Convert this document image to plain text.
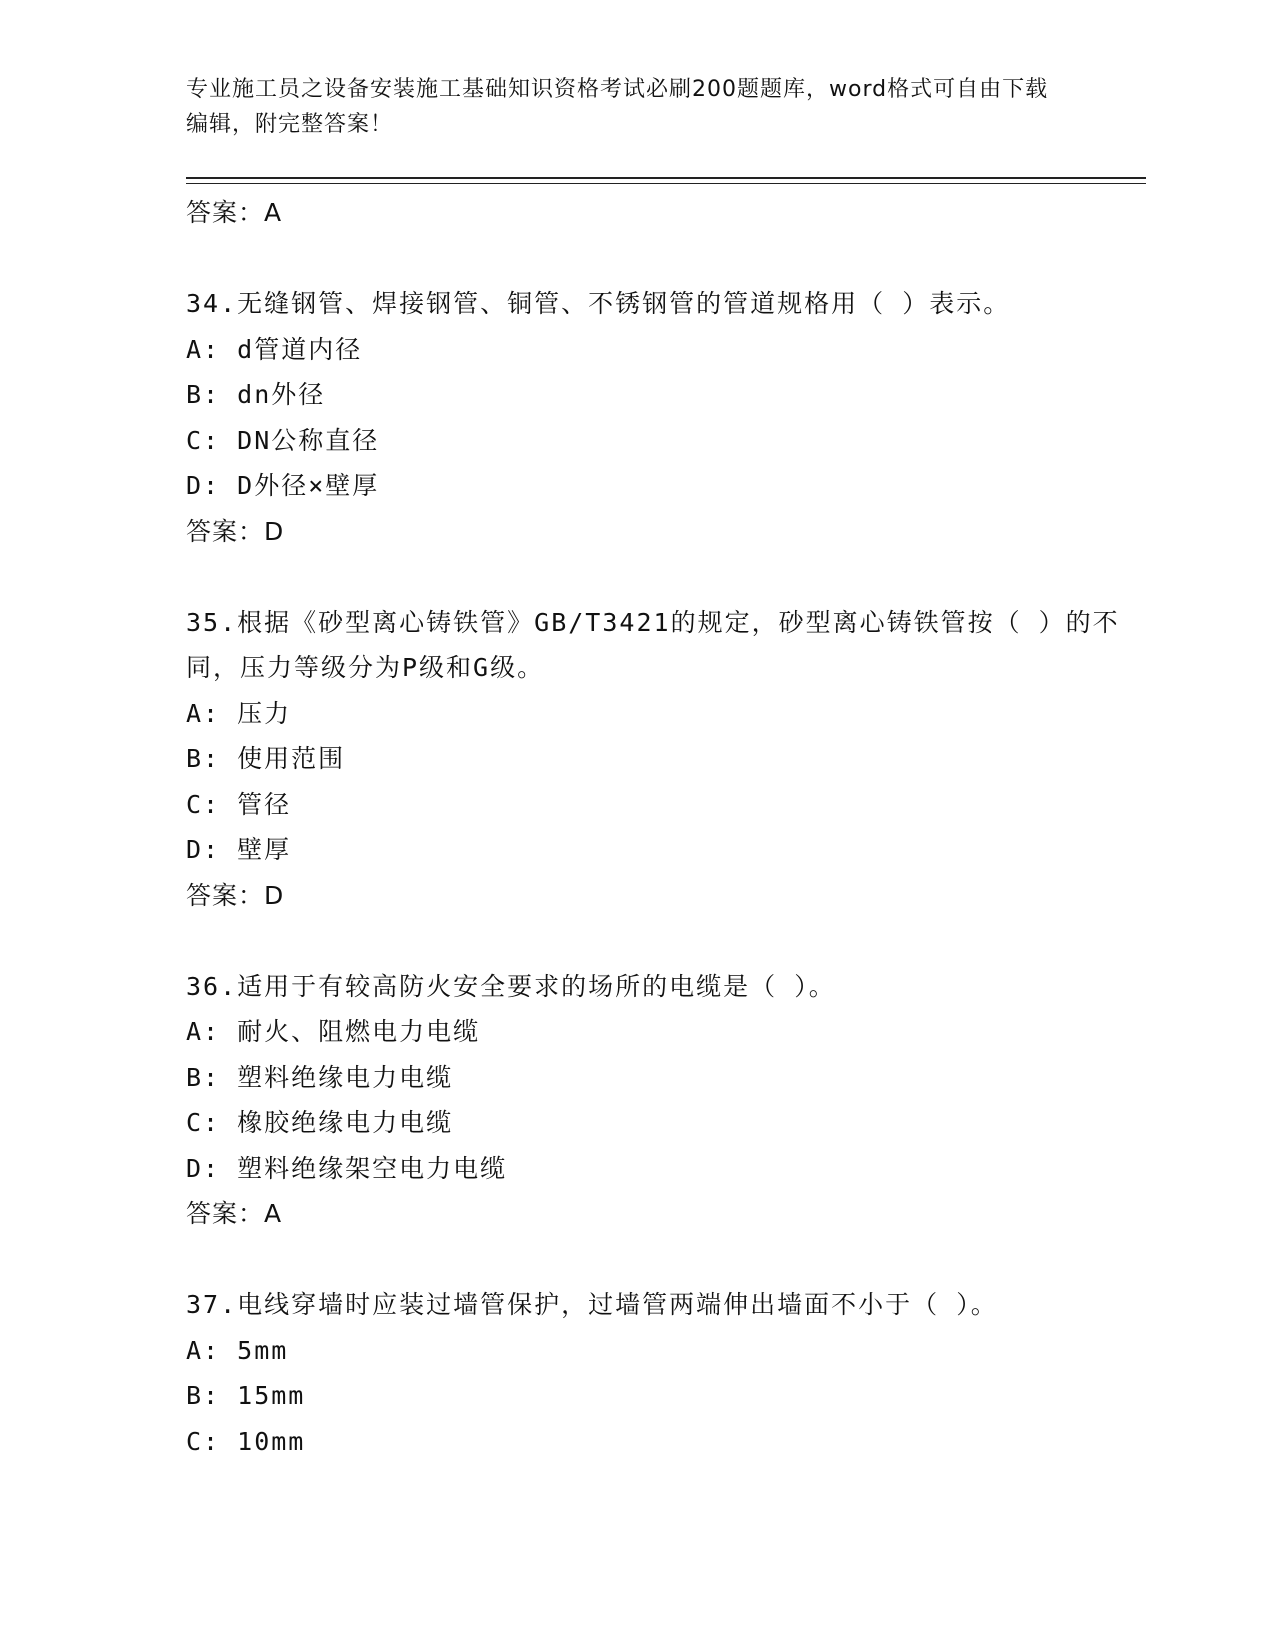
专业施工员之设备安装施工基础知识资格考试必刷200题题库，word格式可自由下载编辑，附完整答案！
答案：A
34.无缝钢管、焊接钢管、铜管、不锈钢管的管道规格用（ ）表示。
A: d管道内径
B: dn外径
C: DN公称直径
D: D外径×壁厚
答案：D
35.根据《砂型离心铸铁管》GB/T3421的规定，砂型离心铸铁管按（ ）的不同，压力等级分为P级和G级。
A: 压力
B: 使用范围
C: 管径
D: 壁厚
答案：D
36.适用于有较高防火安全要求的场所的电缆是（ ）。
A: 耐火、阻燃电力电缆
B: 塑料绝缘电力电缆
C: 橡胶绝缘电力电缆
D: 塑料绝缘架空电力电缆
答案：A
37.电线穿墙时应装过墙管保护，过墙管两端伸出墙面不小于（ ）。
A: 5mm
B: 15mm
C: 10mm
